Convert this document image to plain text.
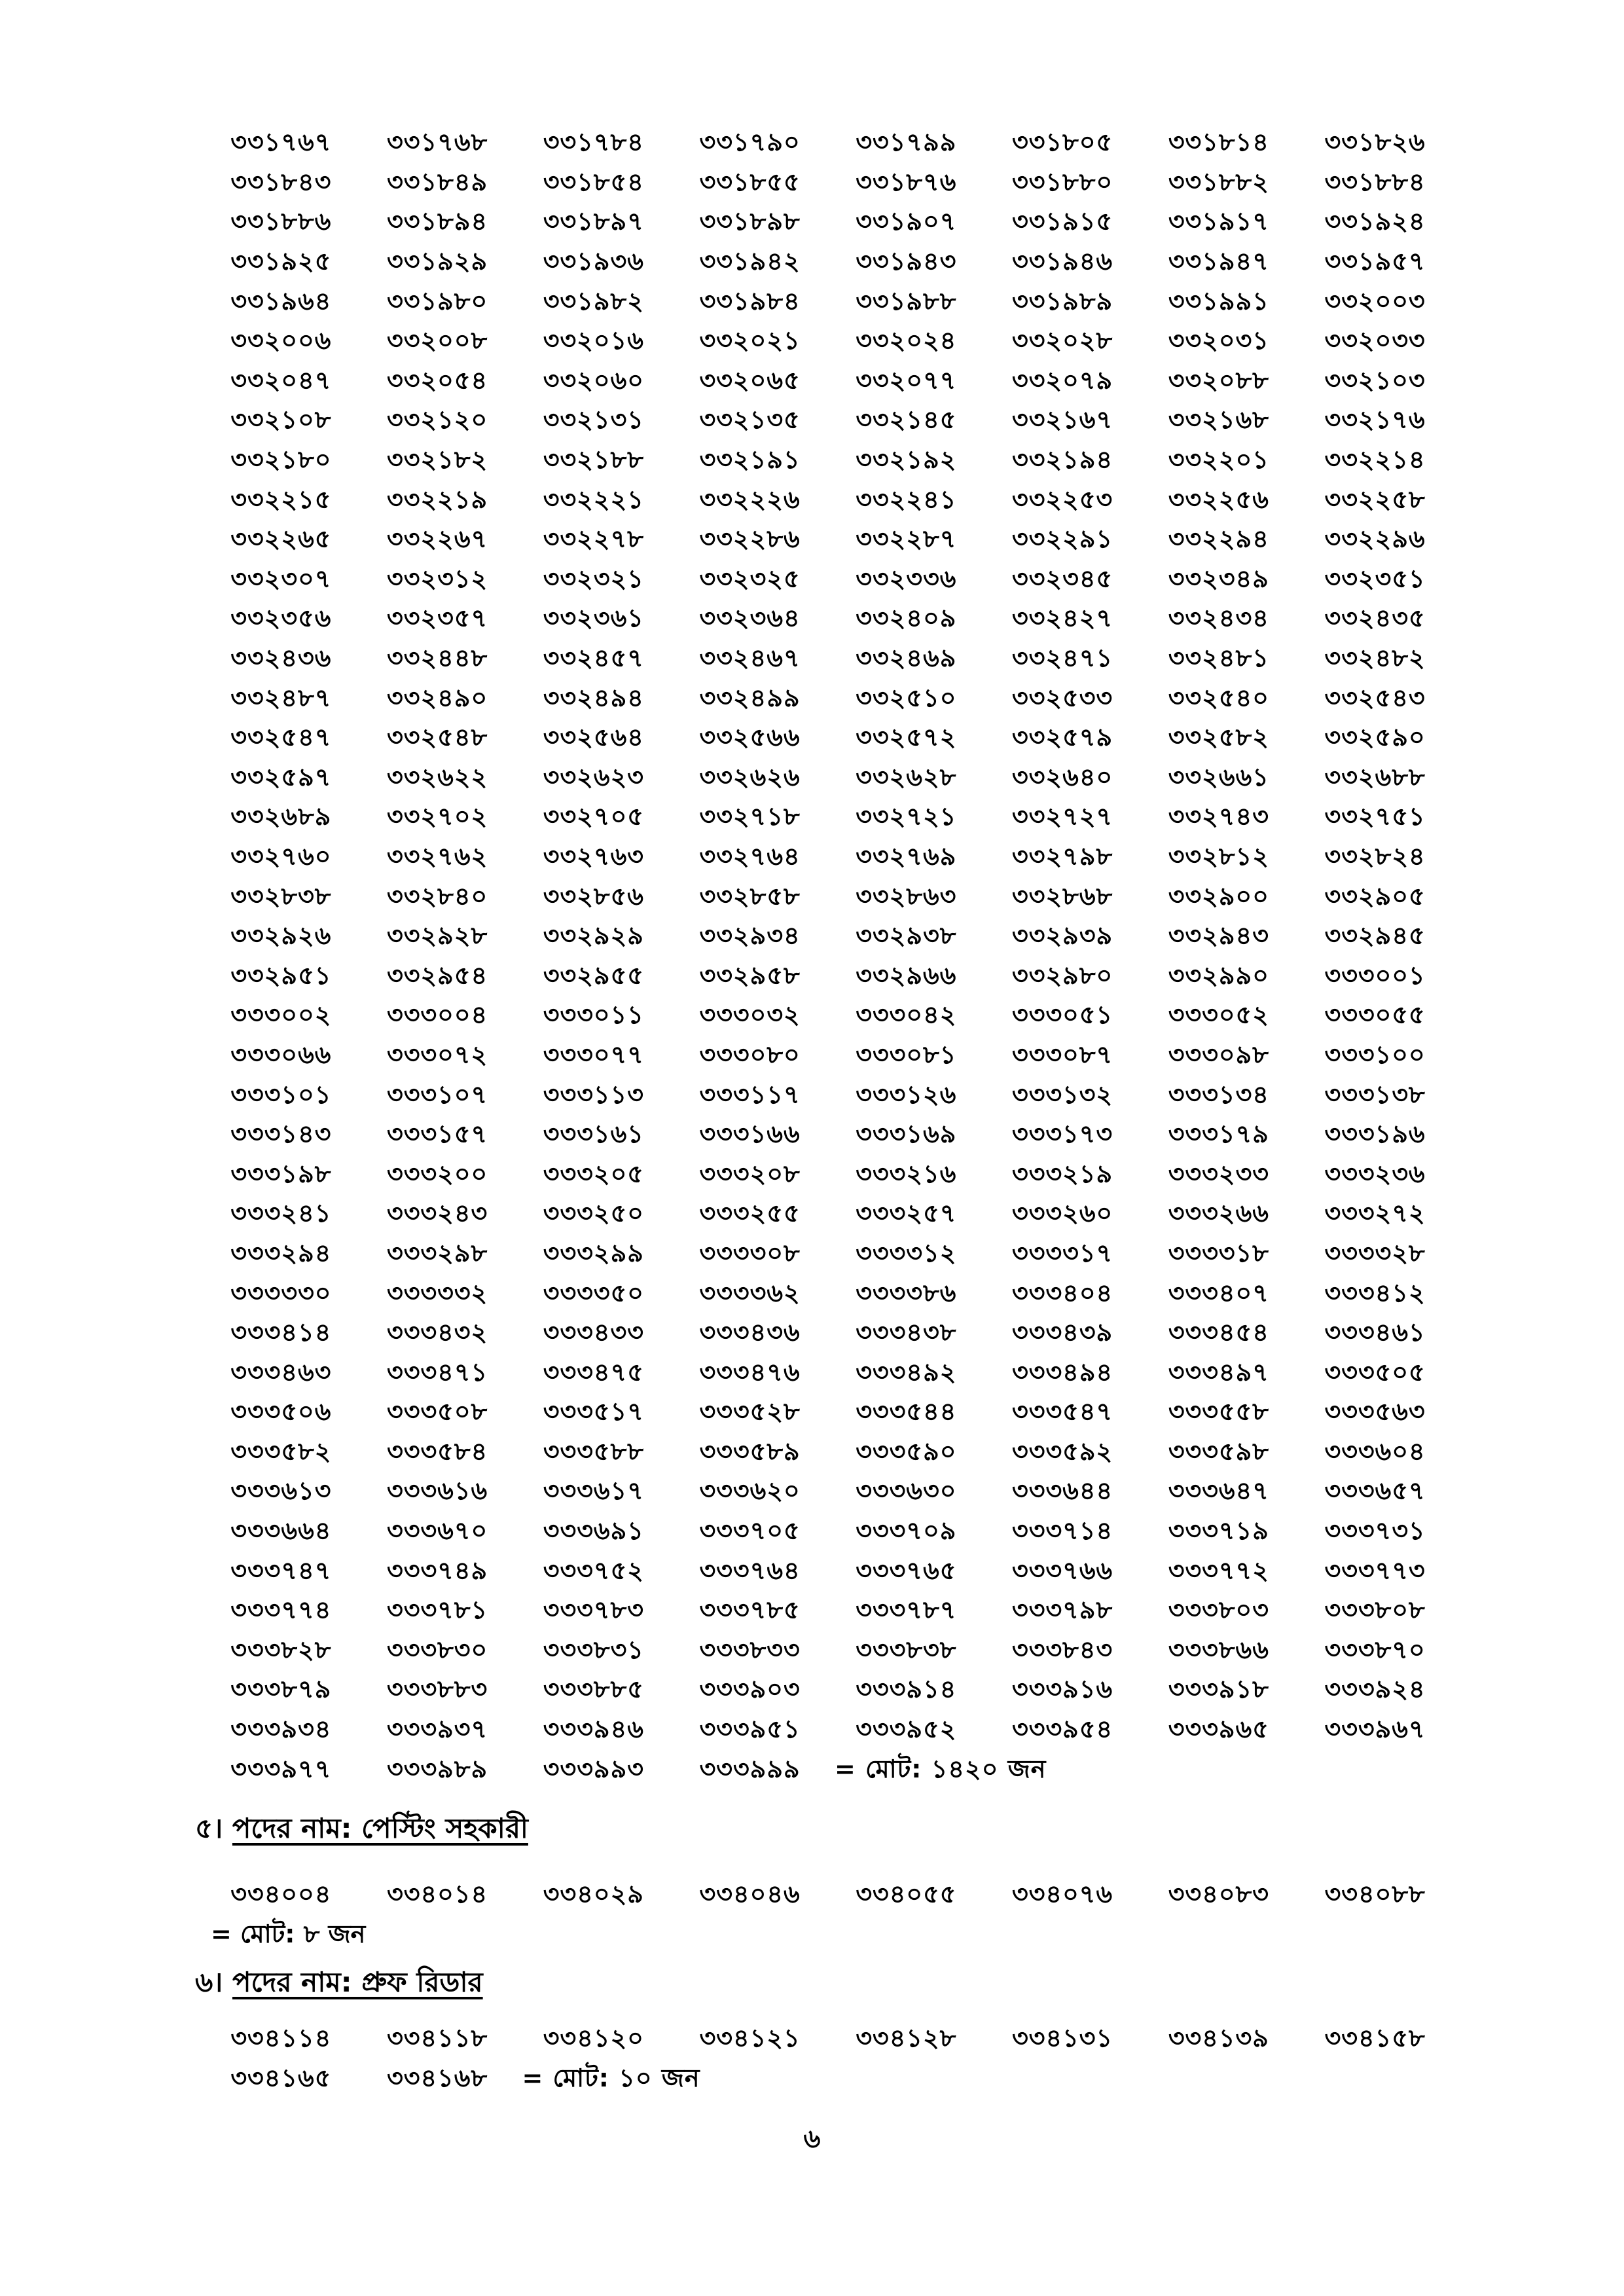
৩৩১৭৬৭	৩৩১৭৬৮	৩৩১৭৮৪	৩৩১৭৯০	৩৩১৭৯৯	৩৩১৮০৫	৩৩১৮১৪	৩৩১৮২৬
৩৩১৮৪৩	৩৩১৮৪৯	৩৩১৮৫৪	৩৩১৮৫৫	৩৩১৮৭৬	৩৩১৮৮০	৩৩১৮৮২	৩৩১৮৮৪
৩৩১৮৮৬	৩৩১৮৯৪	৩৩১৮৯৭	৩৩১৮৯৮	৩৩১৯০৭	৩৩১৯১৫	৩৩১৯১৭	৩৩১৯২৪
৩৩১৯২৫	৩৩১৯২৯	৩৩১৯৩৬	৩৩১৯৪২	৩৩১৯৪৩	৩৩১৯৪৬	৩৩১৯৪৭	৩৩১৯৫৭
৩৩১৯৬৪	৩৩১৯৮০	৩৩১৯৮২	৩৩১৯৮৪	৩৩১৯৮৮	৩৩১৯৮৯	৩৩১৯৯১	৩৩২০০৩
৩৩২০০৬	৩৩২০০৮	৩৩২০১৬	৩৩২০২১	৩৩২০২৪	৩৩২০২৮	৩৩২০৩১	৩৩২০৩৩
৩৩২০৪৭	৩৩২০৫৪	৩৩২০৬০	৩৩২০৬৫	৩৩২০৭৭	৩৩২০৭৯	৩৩২০৮৮	৩৩২১০৩
৩৩২১০৮	৩৩২১২০	৩৩২১৩১	৩৩২১৩৫	৩৩২১৪৫	৩৩২১৬৭	৩৩২১৬৮	৩৩২১৭৬
৩৩২১৮০	৩৩২১৮২	৩৩২১৮৮	৩৩২১৯১	৩৩২১৯২	৩৩২১৯৪	৩৩২২০১	৩৩২২১৪
৩৩২২১৫	৩৩২২১৯	৩৩২২২১	৩৩২২২৬	৩৩২২৪১	৩৩২২৫৩	৩৩২২৫৬	৩৩২২৫৮
৩৩২২৬৫	৩৩২২৬৭	৩৩২২৭৮	৩৩২২৮৬	৩৩২২৮৭	৩৩২২৯১	৩৩২২৯৪	৩৩২২৯৬
৩৩২৩০৭	৩৩২৩১২	৩৩২৩২১	৩৩২৩২৫	৩৩২৩৩৬	৩৩২৩৪৫	৩৩২৩৪৯	৩৩২৩৫১
৩৩২৩৫৬	৩৩২৩৫৭	৩৩২৩৬১	৩৩২৩৬৪	৩৩২৪০৯	৩৩২৪২৭	৩৩২৪৩৪	৩৩২৪৩৫
৩৩২৪৩৬	৩৩২৪৪৮	৩৩২৪৫৭	৩৩২৪৬৭	৩৩২৪৬৯	৩৩২৪৭১	৩৩২৪৮১	৩৩২৪৮২
৩৩২৪৮৭	৩৩২৪৯০	৩৩২৪৯৪	৩৩২৪৯৯	৩৩২৫১০	৩৩২৫৩৩	৩৩২৫৪০	৩৩২৫৪৩
৩৩২৫৪৭	৩৩২৫৪৮	৩৩২৫৬৪	৩৩২৫৬৬	৩৩২৫৭২	৩৩২৫৭৯	৩৩২৫৮২	৩৩২৫৯০
৩৩২৫৯৭	৩৩২৬২২	৩৩২৬২৩	৩৩২৬২৬	৩৩২৬২৮	৩৩২৬৪০	৩৩২৬৬১	৩৩২৬৮৮
৩৩২৬৮৯	৩৩২৭০২	৩৩২৭০৫	৩৩২৭১৮	৩৩২৭২১	৩৩২৭২৭	৩৩২৭৪৩	৩৩২৭৫১
৩৩২৭৬০	৩৩২৭৬২	৩৩২৭৬৩	৩৩২৭৬৪	৩৩২৭৬৯	৩৩২৭৯৮	৩৩২৮১২	৩৩২৮২৪
৩৩২৮৩৮	৩৩২৮৪০	৩৩২৮৫৬	৩৩২৮৫৮	৩৩২৮৬৩	৩৩২৮৬৮	৩৩২৯০০	৩৩২৯০৫
৩৩২৯২৬	৩৩২৯২৮	৩৩২৯২৯	৩৩২৯৩৪	৩৩২৯৩৮	৩৩২৯৩৯	৩৩২৯৪৩	৩৩২৯৪৫
৩৩২৯৫১	৩৩২৯৫৪	৩৩২৯৫৫	৩৩২৯৫৮	৩৩২৯৬৬	৩৩২৯৮০	৩৩২৯৯০	৩৩৩০০১
৩৩৩০০২	৩৩৩০০৪	৩৩৩০১১	৩৩৩০৩২	৩৩৩০৪২	৩৩৩০৫১	৩৩৩০৫২	৩৩৩০৫৫
৩৩৩০৬৬	৩৩৩০৭২	৩৩৩০৭৭	৩৩৩০৮০	৩৩৩০৮১	৩৩৩০৮৭	৩৩৩০৯৮	৩৩৩১০০
৩৩৩১০১	৩৩৩১০৭	৩৩৩১১৩	৩৩৩১১৭	৩৩৩১২৬	৩৩৩১৩২	৩৩৩১৩৪	৩৩৩১৩৮
৩৩৩১৪৩	৩৩৩১৫৭	৩৩৩১৬১	৩৩৩১৬৬	৩৩৩১৬৯	৩৩৩১৭৩	৩৩৩১৭৯	৩৩৩১৯৬
৩৩৩১৯৮	৩৩৩২০০	৩৩৩২০৫	৩৩৩২০৮	৩৩৩২১৬	৩৩৩২১৯	৩৩৩২৩৩	৩৩৩২৩৬
৩৩৩২৪১	৩৩৩২৪৩	৩৩৩২৫০	৩৩৩২৫৫	৩৩৩২৫৭	৩৩৩২৬০	৩৩৩২৬৬	৩৩৩২৭২
৩৩৩২৯৪	৩৩৩২৯৮	৩৩৩২৯৯	৩৩৩৩০৮	৩৩৩৩১২	৩৩৩৩১৭	৩৩৩৩১৮	৩৩৩৩২৮
৩৩৩৩৩০	৩৩৩৩৩২	৩৩৩৩৫০	৩৩৩৩৬২	৩৩৩৩৮৬	৩৩৩৪০৪	৩৩৩৪০৭	৩৩৩৪১২
৩৩৩৪১৪	৩৩৩৪৩২	৩৩৩৪৩৩	৩৩৩৪৩৬	৩৩৩৪৩৮	৩৩৩৪৩৯	৩৩৩৪৫৪	৩৩৩৪৬১
৩৩৩৪৬৩	৩৩৩৪৭১	৩৩৩৪৭৫	৩৩৩৪৭৬	৩৩৩৪৯২	৩৩৩৪৯৪	৩৩৩৪৯৭	৩৩৩৫০৫
৩৩৩৫০৬	৩৩৩৫০৮	৩৩৩৫১৭	৩৩৩৫২৮	৩৩৩৫৪৪	৩৩৩৫৪৭	৩৩৩৫৫৮	৩৩৩৫৬৩
৩৩৩৫৮২	৩৩৩৫৮৪	৩৩৩৫৮৮	৩৩৩৫৮৯	৩৩৩৫৯০	৩৩৩৫৯২	৩৩৩৫৯৮	৩৩৩৬০৪
৩৩৩৬১৩	৩৩৩৬১৬	৩৩৩৬১৭	৩৩৩৬২০	৩৩৩৬৩০	৩৩৩৬৪৪	৩৩৩৬৪৭	৩৩৩৬৫৭
৩৩৩৬৬৪	৩৩৩৬৭০	৩৩৩৬৯১	৩৩৩৭০৫	৩৩৩৭০৯	৩৩৩৭১৪	৩৩৩৭১৯	৩৩৩৭৩১
৩৩৩৭৪৭	৩৩৩৭৪৯	৩৩৩৭৫২	৩৩৩৭৬৪	৩৩৩৭৬৫	৩৩৩৭৬৬	৩৩৩৭৭২	৩৩৩৭৭৩
৩৩৩৭৭৪	৩৩৩৭৮১	৩৩৩৭৮৩	৩৩৩৭৮৫	৩৩৩৭৮৭	৩৩৩৭৯৮	৩৩৩৮০৩	৩৩৩৮০৮
৩৩৩৮২৮	৩৩৩৮৩০	৩৩৩৮৩১	৩৩৩৮৩৩	৩৩৩৮৩৮	৩৩৩৮৪৩	৩৩৩৮৬৬	৩৩৩৮৭০
৩৩৩৮৭৯	৩৩৩৮৮৩	৩৩৩৮৮৫	৩৩৩৯০৩	৩৩৩৯১৪	৩৩৩৯১৬	৩৩৩৯১৮	৩৩৩৯২৪
৩৩৩৯৩৪	৩৩৩৯৩৭	৩৩৩৯৪৬	৩৩৩৯৫১	৩৩৩৯৫২	৩৩৩৯৫৪	৩৩৩৯৬৫	৩৩৩৯৬৭
৩৩৩৯৭৭	৩৩৩৯৮৯	৩৩৩৯৯৩	৩৩৩৯৯৯	= মোট: ১৪২০ জন
৫। পদের নাম: পেস্টিং সহকারী
৩৩৪০০৪	৩৩৪০১৪	৩৩৪০২৯	৩৩৪০৪৬	৩৩৪০৫৫	৩৩৪০৭৬	৩৩৪০৮৩	৩৩৪০৮৮
= মোট: ৮ জন
৬। পদের নাম: প্রুফ রিডার
৩৩৪১১৪	৩৩৪১১৮	৩৩৪১২০	৩৩৪১২১	৩৩৪১২৮	৩৩৪১৩১	৩৩৪১৩৯	৩৩৪১৫৮
৩৩৪১৬৫	৩৩৪১৬৮	= মোট: ১০ জন
৬
